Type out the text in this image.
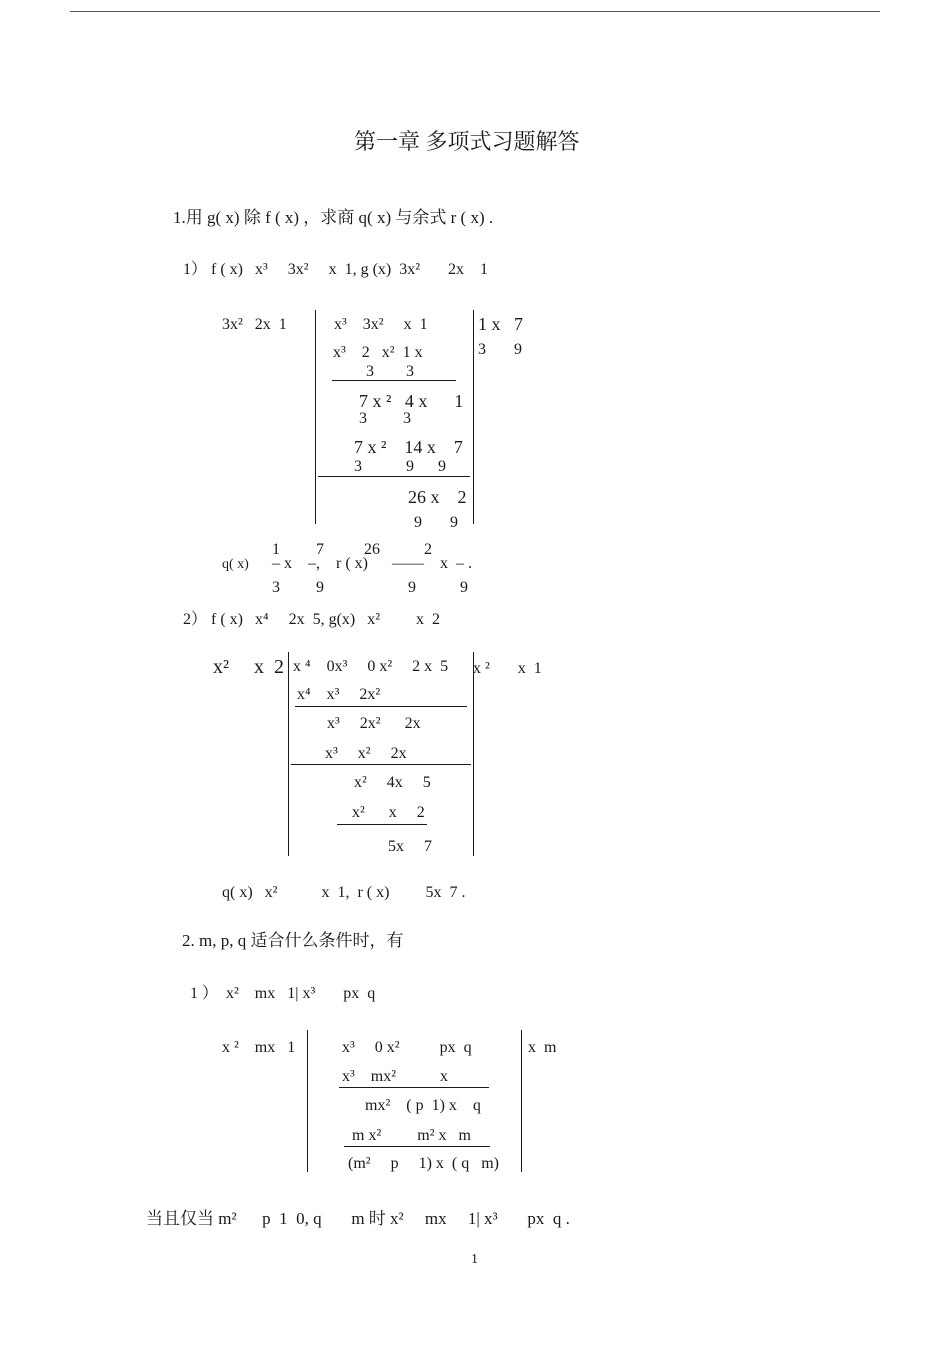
第一章 多项式习题解答
1.用 g( x) 除 f ( x) ，求商 q( x) 与余式 r ( x) .
1） f ( x)   x³     3x²     x  1, g (x)  3x²       2x    1
3x²   2x  1	x³    3x²     x  1	1 x   7
3       9
x³    2   x²  1 x
3        3
7 x ²   4 x      1
3         3
7 x ²    14 x    7
3           9      9
26 x    2
9       9
1         7          26           2
q( x) – x    –,    r ( x)      ——    x  – .
3         9                     9           9
2） f ( x)   x⁴     2x  5, g(x)   x²         x  2
x²     x  2 x ⁴    0x³     0 x²     2 x  5 x ²       x  1
x⁴    x³     2x²
x³     2x²      2x
x³     x²     2x
x²     4x     5
x²      x     2
5x     7
q( x)   x²           x  1,  r ( x)         5x  7 .
2. m, p, q 适合什么条件时，有
1 ）  x²    mx   1| x³       px  q
x ²    mx   1	x³     0 x²          px  q	x  m
x³    mx²           x
mx²    ( p  1) x    q
m x²         m² x   m
(m²     p     1) x  ( q   m)
当且仅当 m²      p  1  0, q       m 时 x²     mx     1| x³       px  q .
1
